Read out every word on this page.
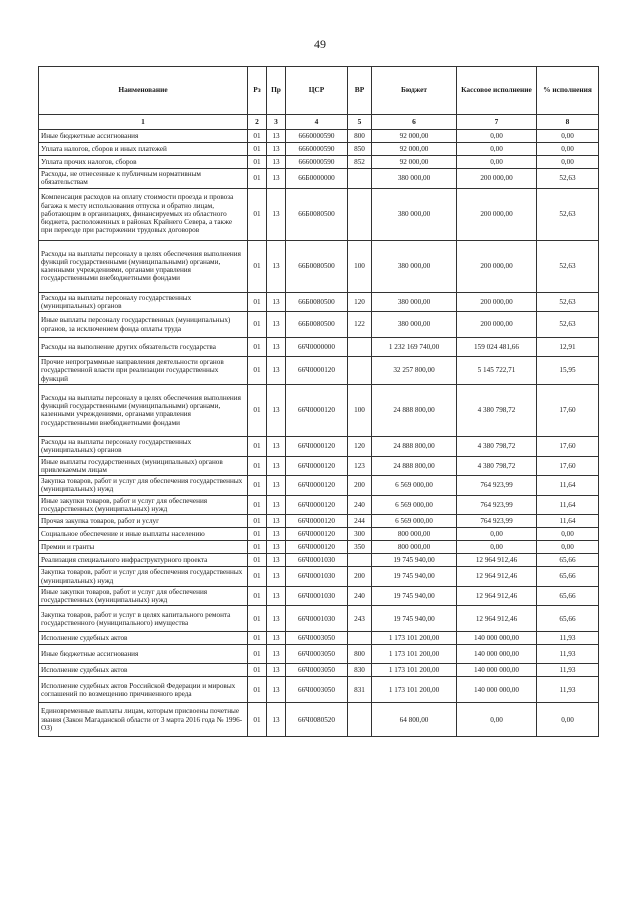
49
Наименование	Рз	Пр	ЦСР	ВР	Бюджет	Кассовое исполнение	% исполнения
1	2	3	4	5	6	7	8
Иные бюджетные ассигнования	01	13	6660000590	800	92 000,00	0,00	0,00
Уплата налогов, сборов и иных платежей	01	13	6660000590	850	92 000,00	0,00	0,00
Уплата прочих налогов, сборов	01	13	6660000590	852	92 000,00	0,00	0,00
Расходы, не отнесенные к публичным нормативным обязательствам	01	13	66Б0000000		380 000,00	200 000,00	52,63
Компенсация расходов на оплату стоимости проезда и провоза багажа к месту использования отпуска и обратно лицам, работающим в организациях, финансируемых из областного бюджета, расположенных в районах Крайнего Севера, а также при переезде при расторжении трудовых договоров	01	13	66Б0080500		380 000,00	200 000,00	52,63
Расходы на выплаты персоналу в целях обеспечения выполнения функций государственными (муниципальными) органами, казенными учреждениями, органами управления государственными внебюджетными фондами	01	13	66Б0080500	100	380 000,00	200 000,00	52,63
Расходы на выплаты персоналу государственных (муниципальных) органов	01	13	66Б0080500	120	380 000,00	200 000,00	52,63
Иные выплаты персоналу государственных (муниципальных) органов, за исключением фонда оплаты труда	01	13	66Б0080500	122	380 000,00	200 000,00	52,63
Расходы на выполнение других обязательств государства	01	13	66Ч0000000		1 232 169 740,00	159 024 481,66	12,91
Прочие непрограммные направления деятельности органов государственной власти при реализации государственных функций	01	13	66Ч0000120		32 257 800,00	5 145 722,71	15,95
Расходы на выплаты персоналу в целях обеспечения выполнения функций государственными (муниципальными) органами, казенными учреждениями, органами управления государственными внебюджетными фондами	01	13	66Ч0000120	100	24 888 800,00	4 380 798,72	17,60
Расходы на выплаты персоналу государственных (муниципальных) органов	01	13	66Ч0000120	120	24 888 800,00	4 380 798,72	17,60
Иные выплаты государственных (муниципальных) органов привлекаемым лицам	01	13	66Ч0000120	123	24 888 800,00	4 380 798,72	17,60
Закупка товаров, работ и услуг для обеспечения государственных (муниципальных) нужд	01	13	66Ч0000120	200	6 569 000,00	764 923,99	11,64
Иные закупки товаров, работ и услуг для обеспечения государственных (муниципальных) нужд	01	13	66Ч0000120	240	6 569 000,00	764 923,99	11,64
Прочая закупка товаров, работ и услуг	01	13	66Ч0000120	244	6 569 000,00	764 923,99	11,64
Социальное обеспечение и иные выплаты населению	01	13	66Ч0000120	300	800 000,00	0,00	0,00
Премии и гранты	01	13	66Ч0000120	350	800 000,00	0,00	0,00
Реализация специального инфраструктурного проекта	01	13	66Ч0001030		19 745 940,00	12 964 912,46	65,66
Закупка товаров, работ и услуг для обеспечения государственных (муниципальных) нужд	01	13	66Ч0001030	200	19 745 940,00	12 964 912,46	65,66
Иные закупки товаров, работ и услуг для обеспечения государственных (муниципальных) нужд	01	13	66Ч0001030	240	19 745 940,00	12 964 912,46	65,66
Закупка товаров, работ и услуг в целях капитального ремонта государственного (муниципального) имущества	01	13	66Ч0001030	243	19 745 940,00	12 964 912,46	65,66
Исполнение судебных актов	01	13	66Ч0003050		1 173 101 200,00	140 000 000,00	11,93
Иные бюджетные ассигнования	01	13	66Ч0003050	800	1 173 101 200,00	140 000 000,00	11,93
Исполнение судебных актов	01	13	66Ч0003050	830	1 173 101 200,00	140 000 000,00	11,93
Исполнение судебных актов Российской Федерации и мировых соглашений по возмещению причиненного вреда	01	13	66Ч0003050	831	1 173 101 200,00	140 000 000,00	11,93
Единовременные выплаты лицам, которым присвоены почетные звания (Закон Магаданской области от 3 марта 2016 года № 1996-ОЗ)	01	13	66Ч0080520		64 800,00	0,00	0,00
